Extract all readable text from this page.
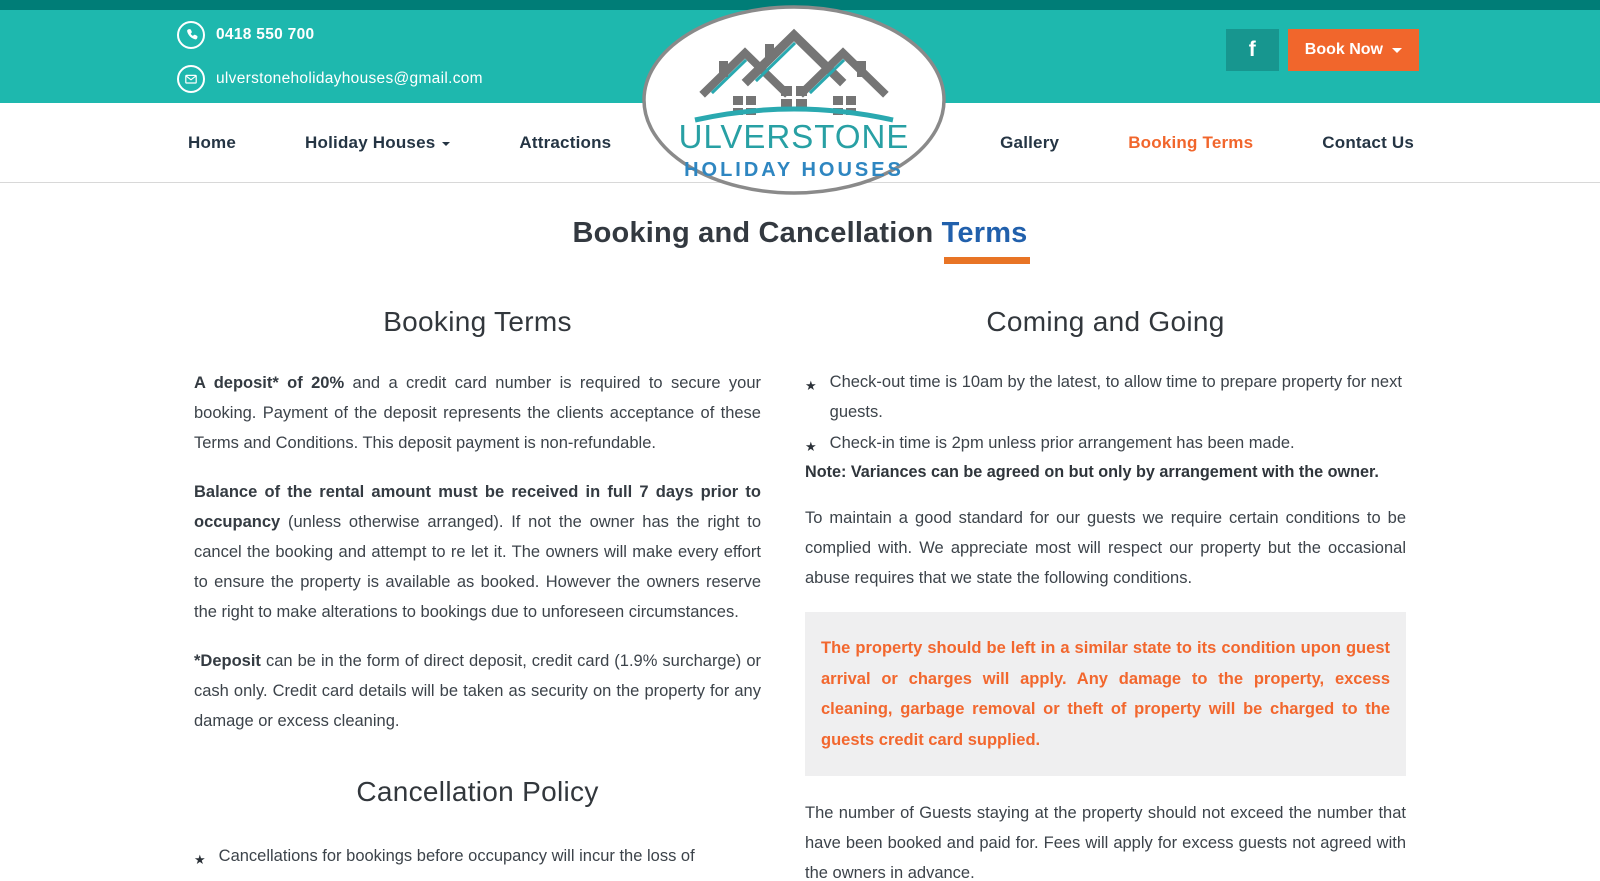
0418 550 700
ulverstoneholidayhouses@gmail.com
f	Book Now
Home	Holiday Houses	Attractions	Gallery	Booking Terms	Contact Us
ULVERSTONE
HOLIDAY HOUSES
Booking and Cancellation Terms
Booking Terms

A deposit* of 20% and a credit card number is required to secure your booking. Payment of the deposit represents the clients acceptance of these Terms and Conditions. This deposit payment is non-refundable.

Balance of the rental amount must be received in full 7 days prior to occupancy (unless otherwise arranged). If not the owner has the right to cancel the booking and attempt to re let it. The owners will make every effort to ensure the property is available as booked. However the owners reserve the right to make alterations to bookings due to unforeseen circumstances.

*Deposit can be in the form of direct deposit, credit card (1.9% surcharge) or cash only. Credit card details will be taken as security on the property for any damage or excess cleaning.

Cancellation Policy
★ Cancellations for bookings before occupancy will incur the loss of
Coming and Going
★ Check-out time is 10am by the latest, to allow time to prepare property for next guests.
★ Check-in time is 2pm unless prior arrangement has been made.

Note: Variances can be agreed on but only by arrangement with the owner.

To maintain a good standard for our guests we require certain conditions to be complied with. We appreciate most will respect our property but the occasional abuse requires that we state the following conditions.

The property should be left in a similar state to its condition upon guest arrival or charges will apply. Any damage to the property, excess cleaning, garbage removal or theft of property will be charged to the guests credit card supplied.

The number of Guests staying at the property should not exceed the number that have been booked and paid for. Fees will apply for excess guests not agreed with the owners in advance.
